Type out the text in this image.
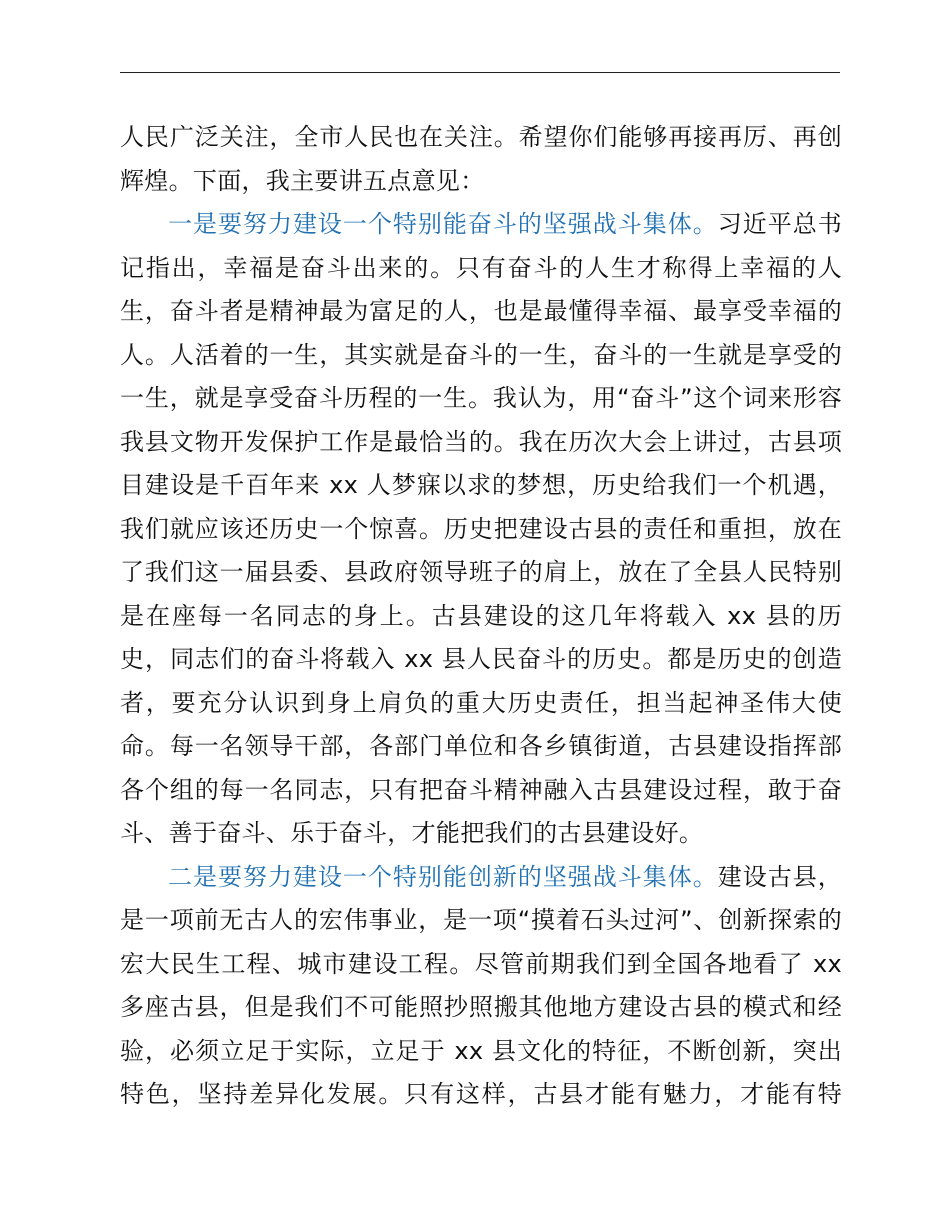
人民广泛关注，全市人民也在关注。希望你们能够再接再厉、再创
辉煌。下面，我主要讲五点意见：
一是要努力建设一个特别能奋斗的坚强战斗集体。习近平总书
记指出，幸福是奋斗出来的。只有奋斗的人生才称得上幸福的人
生，奋斗者是精神最为富足的人，也是最懂得幸福、最享受幸福的
人。人活着的一生，其实就是奋斗的一生，奋斗的一生就是享受的
一生，就是享受奋斗历程的一生。我认为，用“奋斗”这个词来形容
我县文物开发保护工作是最恰当的。我在历次大会上讲过，古县项
目建设是千百年来 xx 人梦寐以求的梦想，历史给我们一个机遇，
我们就应该还历史一个惊喜。历史把建设古县的责任和重担，放在
了我们这一届县委、县政府领导班子的肩上，放在了全县人民特别
是在座每一名同志的身上。古县建设的这几年将载入 xx 县的历
史，同志们的奋斗将载入 xx 县人民奋斗的历史。都是历史的创造
者，要充分认识到身上肩负的重大历史责任，担当起神圣伟大使
命。每一名领导干部，各部门单位和各乡镇街道，古县建设指挥部
各个组的每一名同志，只有把奋斗精神融入古县建设过程，敢于奋
斗、善于奋斗、乐于奋斗，才能把我们的古县建设好。
二是要努力建设一个特别能创新的坚强战斗集体。建设古县，
是一项前无古人的宏伟事业，是一项“摸着石头过河”、创新探索的
宏大民生工程、城市建设工程。尽管前期我们到全国各地看了 xx
多座古县，但是我们不可能照抄照搬其他地方建设古县的模式和经
验，必须立足于实际，立足于 xx 县文化的特征，不断创新，突出
特色，坚持差异化发展。只有这样，古县才能有魅力，才能有特
